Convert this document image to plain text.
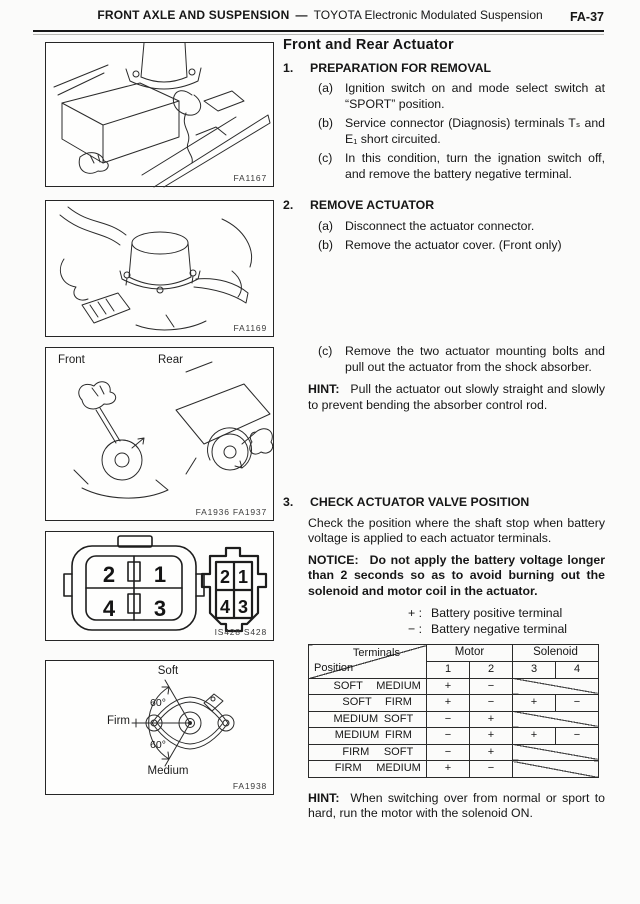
FRONT AXLE AND SUSPENSION — TOYOTA Electronic Modulated Suspension FA-37
FA1167
FA1169
Front	Rear
FA1936 FA1937
2 1
4 3
2 1
4 3
IS428 S428
Soft
Firm
Medium
60°
60°
FA1938
Front and Rear Actuator
1.	PREPARATION FOR REMOVAL
(a) Ignition switch on and mode select switch at “SPORT” position.
(b) Service connector (Diagnosis) terminals Tₛ and E₁ short circuited.
(c)	In this condition, turn the ignation switch off, and remove the battery negative terminal.
2.	REMOVE ACTUATOR
(a) Disconnect the actuator connector.
(b) Remove the actuator cover. (Front only)
(c)	Remove the two actuator mounting bolts and pull out the actuator from the shock absorber.

HINT: Pull the actuator out slowly straight and slowly to prevent bending the absorber control rod.

3.	CHECK ACTUATOR VALVE POSITION

Check the position where the shaft stop when battery voltage is applied to each actuator terminals.

NOTICE: Do not apply the battery voltage longer than 2 seconds so as to avoid burning out the solenoid and motor coil in the actuator.

+ : Battery positive terminal
− : Battery negative terminal
Terminals
Position	Motor		Solenoid	
	1	2	3	4
SOFT MEDIUM	+	−		
SOFT FIRM	+	−	+	−
MEDIUM SOFT	−	+		
MEDIUM FIRM	−	+	+	−
FIRM SOFT	−	+		
FIRM MEDIUM	+	−		

HINT: When switching over from normal or sport to hard, run the motor with the solenoid ON.
